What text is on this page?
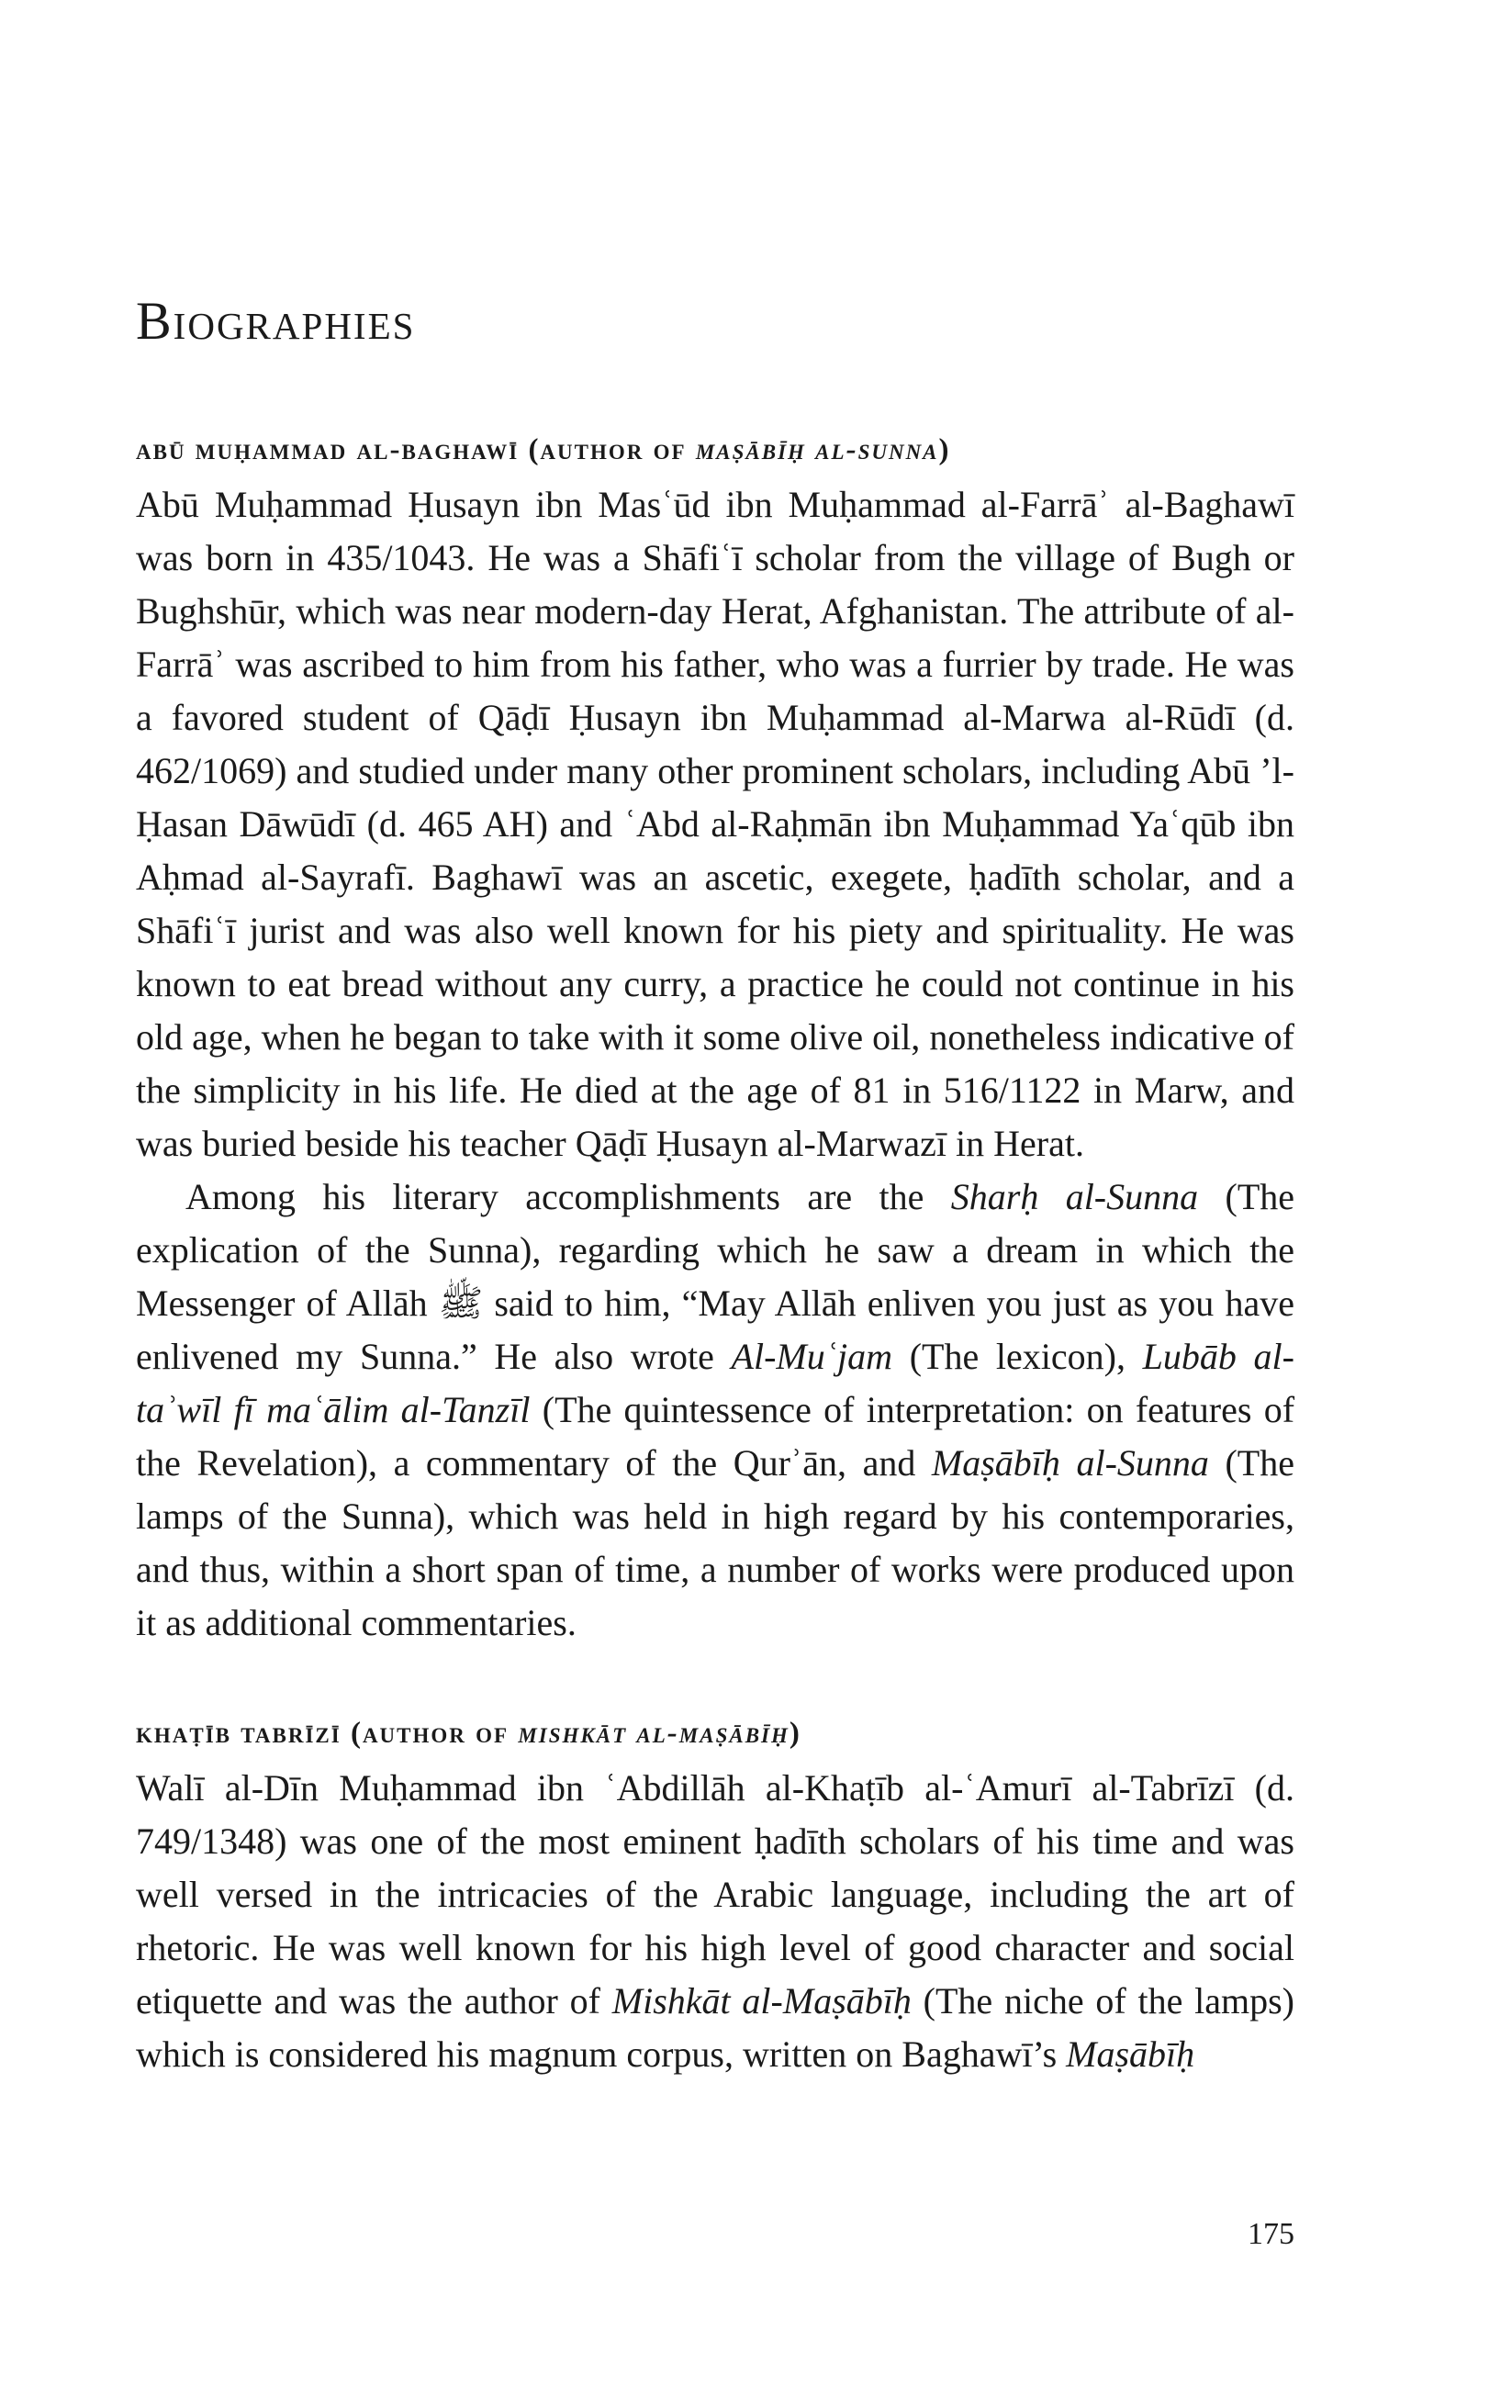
Biographies
abū muḥammad al-baghawī (author of maṣābīḥ al-sunna)

Abū Muḥammad Ḥusayn ibn Masʿūd ibn Muḥammad al-Farrāʾ al-Baghawī was born in 435/1043. He was a Shāfiʿī scholar from the village of Bugh or Bughshūr, which was near modern-day Herat, Afghanistan. The attribute of al-Farrāʾ was ascribed to him from his father, who was a furrier by trade. He was a favored student of Qāḍī Ḥusayn ibn Muḥammad al-Marwa al-Rūdī (d. 462/1069) and studied under many other prominent scholars, including Abū ’l-Ḥasan Dāwūdī (d. 465 AH) and ʿAbd al-Raḥmān ibn Muḥammad Yaʿqūb ibn Aḥmad al-Sayrafī. Baghawī was an ascetic, exegete, ḥadīth scholar, and a Shāfiʿī jurist and was also well known for his piety and spirituality. He was known to eat bread without any curry, a practice he could not continue in his old age, when he began to take with it some olive oil, nonetheless indicative of the simplicity in his life. He died at the age of 81 in 516/1122 in Marw, and was buried beside his teacher Qāḍī Ḥusayn al-Marwazī in Herat.

Among his literary accomplishments are the Sharḥ al-Sunna (The explication of the Sunna), regarding which he saw a dream in which the Messenger of Allāh ﷺ said to him, “May Allāh enliven you just as you have enlivened my Sunna.” He also wrote Al-Muʿjam (The lexicon), Lubāb al-taʾwīl fī maʿālim al-Tanzīl (The quintessence of interpretation: on features of the Revelation), a commentary of the Qurʾān, and Maṣābīḥ al-Sunna (The lamps of the Sunna), which was held in high regard by his contemporaries, and thus, within a short span of time, a number of works were produced upon it as additional commentaries.

khaṭīb tabrīzī (author of mishkāt al-maṣābīḥ)

Walī al-Dīn Muḥammad ibn ʿAbdillāh al-Khaṭīb al-ʿAmurī al-Tabrīzī (d. 749/1348) was one of the most eminent ḥadīth scholars of his time and was well versed in the intricacies of the Arabic language, including the art of rhetoric. He was well known for his high level of good character and social etiquette and was the author of Mishkāt al-Maṣābīḥ (The niche of the lamps) which is considered his magnum corpus, written on Baghawī’s Maṣābīḥ

175
